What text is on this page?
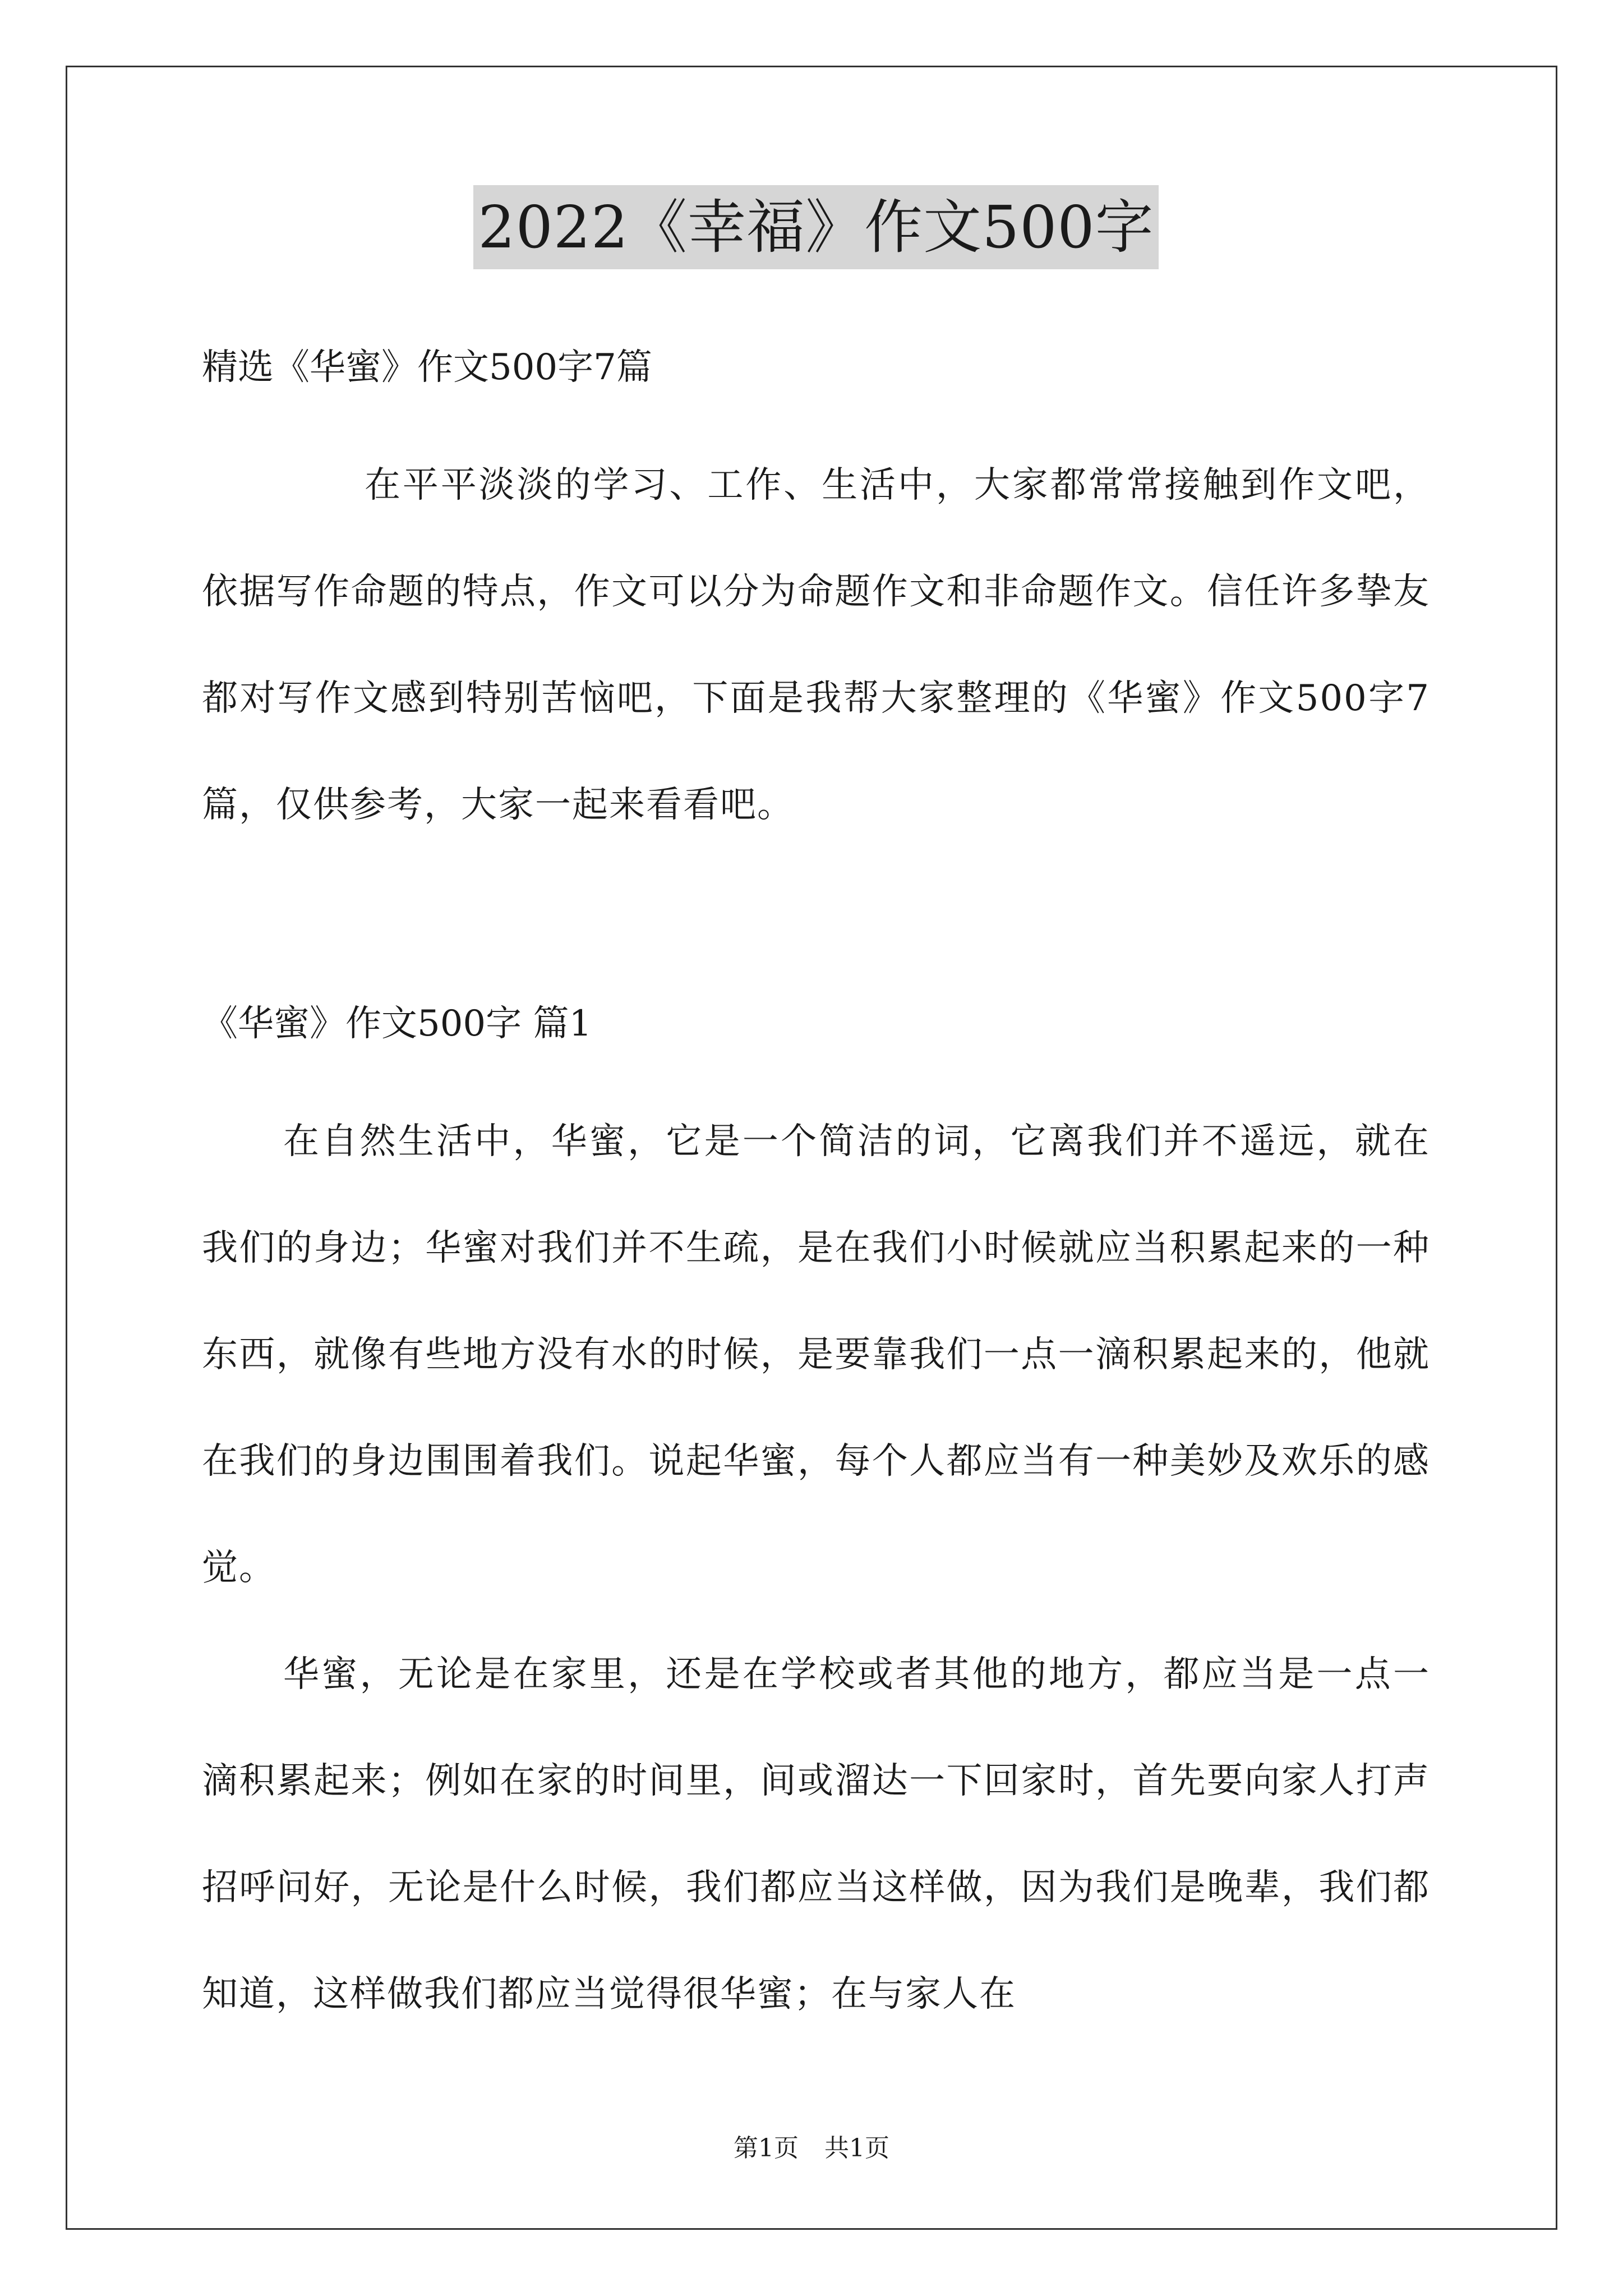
2022《幸福》作文500字
精选《华蜜》作文500字7篇

在平平淡淡的学习、工作、生活中，大家都常常接触到作文吧，依据写作命题的特点，作文可以分为命题作文和非命题作文。信任许多挚友都对写作文感到特别苦恼吧，下面是我帮大家整理的《华蜜》作文500字7篇，仅供参考，大家一起来看看吧。

《华蜜》作文500字 篇1

在自然生活中，华蜜，它是一个简洁的词，它离我们并不遥远，就在我们的身边；华蜜对我们并不生疏，是在我们小时候就应当积累起来的一种东西，就像有些地方没有水的时候，是要靠我们一点一滴积累起来的，他就在我们的身边围围着我们。说起华蜜，每个人都应当有一种美妙及欢乐的感觉。

华蜜，无论是在家里，还是在学校或者其他的地方，都应当是一点一滴积累起来；例如在家的时间里，间或溜达一下回家时，首先要向家人打声招呼问好，无论是什么时候，我们都应当这样做，因为我们是晚辈，我们都知道，这样做我们都应当觉得很华蜜；在与家人在

第1页 共1页
